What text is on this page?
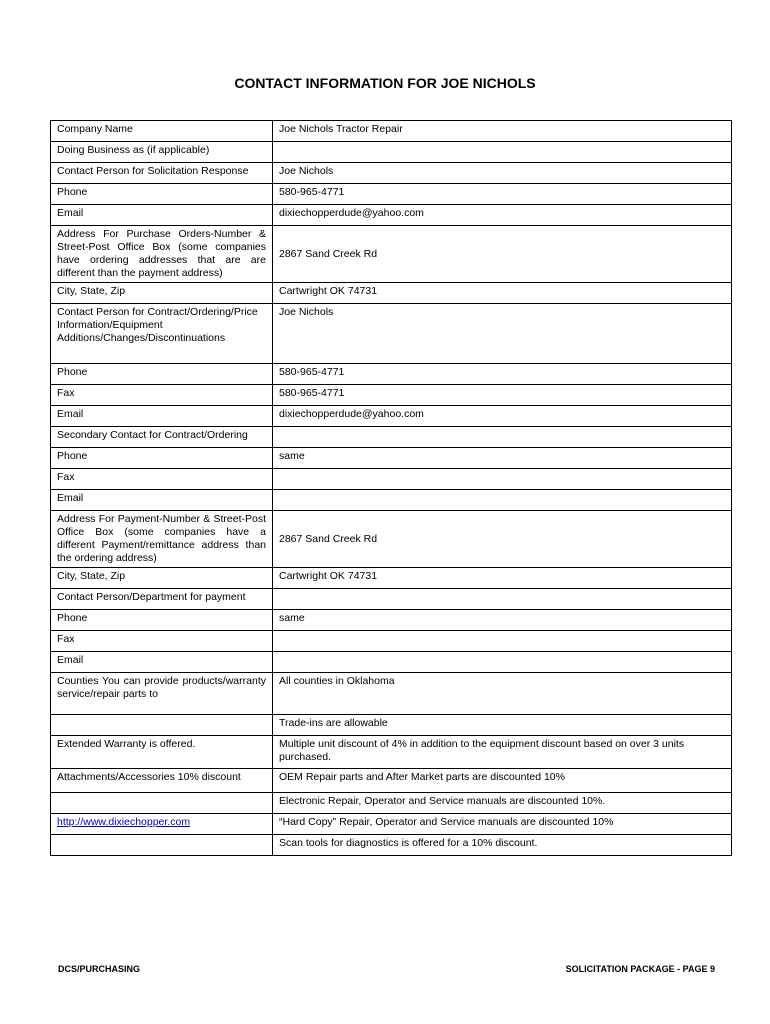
CONTACT INFORMATION FOR JOE NICHOLS
Company Name	Joe Nichols Tractor Repair
Doing Business as (if applicable)	
Contact Person for Solicitation Response	Joe Nichols
Phone	580-965-4771
Email	dixiechopperdude@yahoo.com
Address For Purchase Orders-Number & Street-Post Office Box (some companies have ordering addresses that are are different than the payment address)	2867 Sand Creek Rd
City, State, Zip	Cartwright OK 74731
Contact Person for Contract/Ordering/Price Information/Equipment Additions/Changes/Discontinuations	Joe Nichols
Phone	580-965-4771
Fax	580-965-4771
Email	dixiechopperdude@yahoo.com
Secondary Contact for Contract/Ordering	
Phone	same
Fax	
Email	
Address For Payment-Number & Street-Post Office Box (some companies have a different Payment/remittance address than the ordering address)	2867 Sand Creek Rd
City, State, Zip	Cartwright OK 74731
Contact Person/Department for payment	
Phone	same
Fax	
Email	
Counties You can provide products/warranty service/repair parts to	All counties in Oklahoma
	Trade-ins are allowable
Extended Warranty is offered.	Multiple unit discount of 4% in addition to the equipment discount based on over 3 units purchased.
Attachments/Accessories 10% discount	OEM Repair parts and After Market parts are discounted 10%
	Electronic Repair, Operator and Service manuals are discounted 10%.
http://www.dixiechopper.com	“Hard Copy” Repair, Operator and Service manuals are discounted 10%
	Scan tools for diagnostics is offered for a 10% discount.
DCS/PURCHASING	SOLICITATION PACKAGE - PAGE 9
